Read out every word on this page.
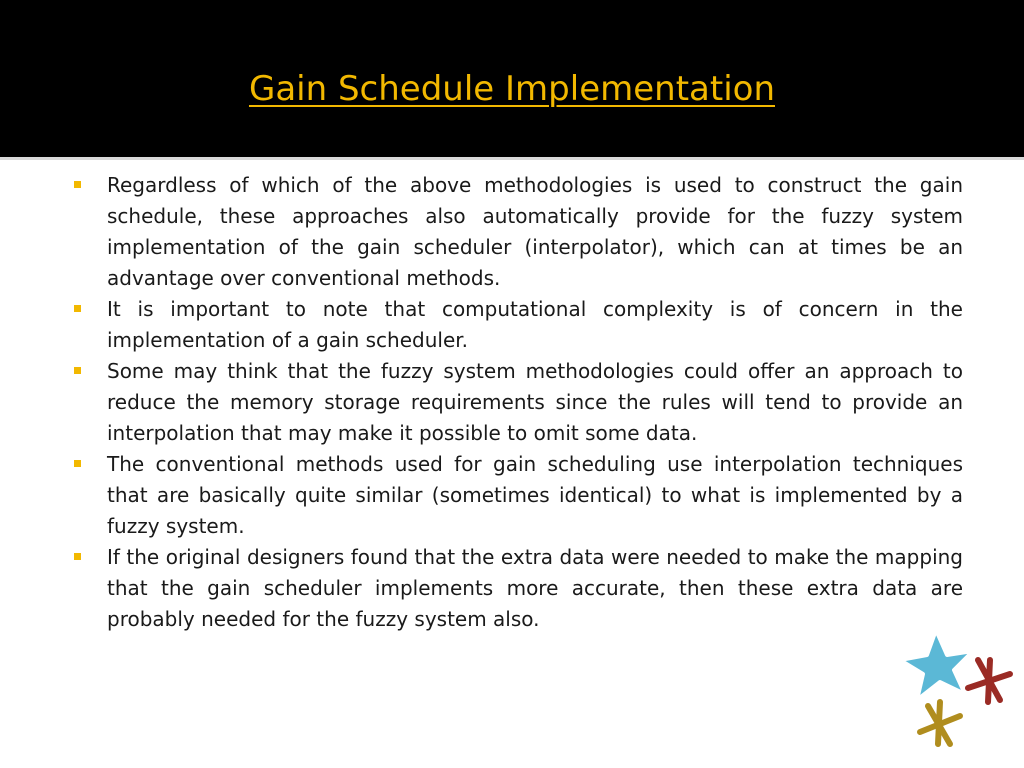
Gain Schedule Implementation
Regardless of which of the above methodologies is used to construct the gain schedule, these approaches also automatically provide for the fuzzy system implementation of the gain scheduler (interpolator), which can at times be an advantage over conventional methods.
It is important to note that computational complexity is of concern in the implementation of a gain scheduler.
Some may think that the fuzzy system methodologies could offer an approach to reduce the memory storage requirements since the rules will tend to provide an interpolation that may make it possible to omit some data.
The conventional methods used for gain scheduling use interpolation techniques that are basically quite similar (sometimes identical) to what is implemented by a fuzzy system.
If the original designers found that the extra data were needed to make the mapping that the gain scheduler implements more accurate, then these extra data are probably needed for the fuzzy system also.
